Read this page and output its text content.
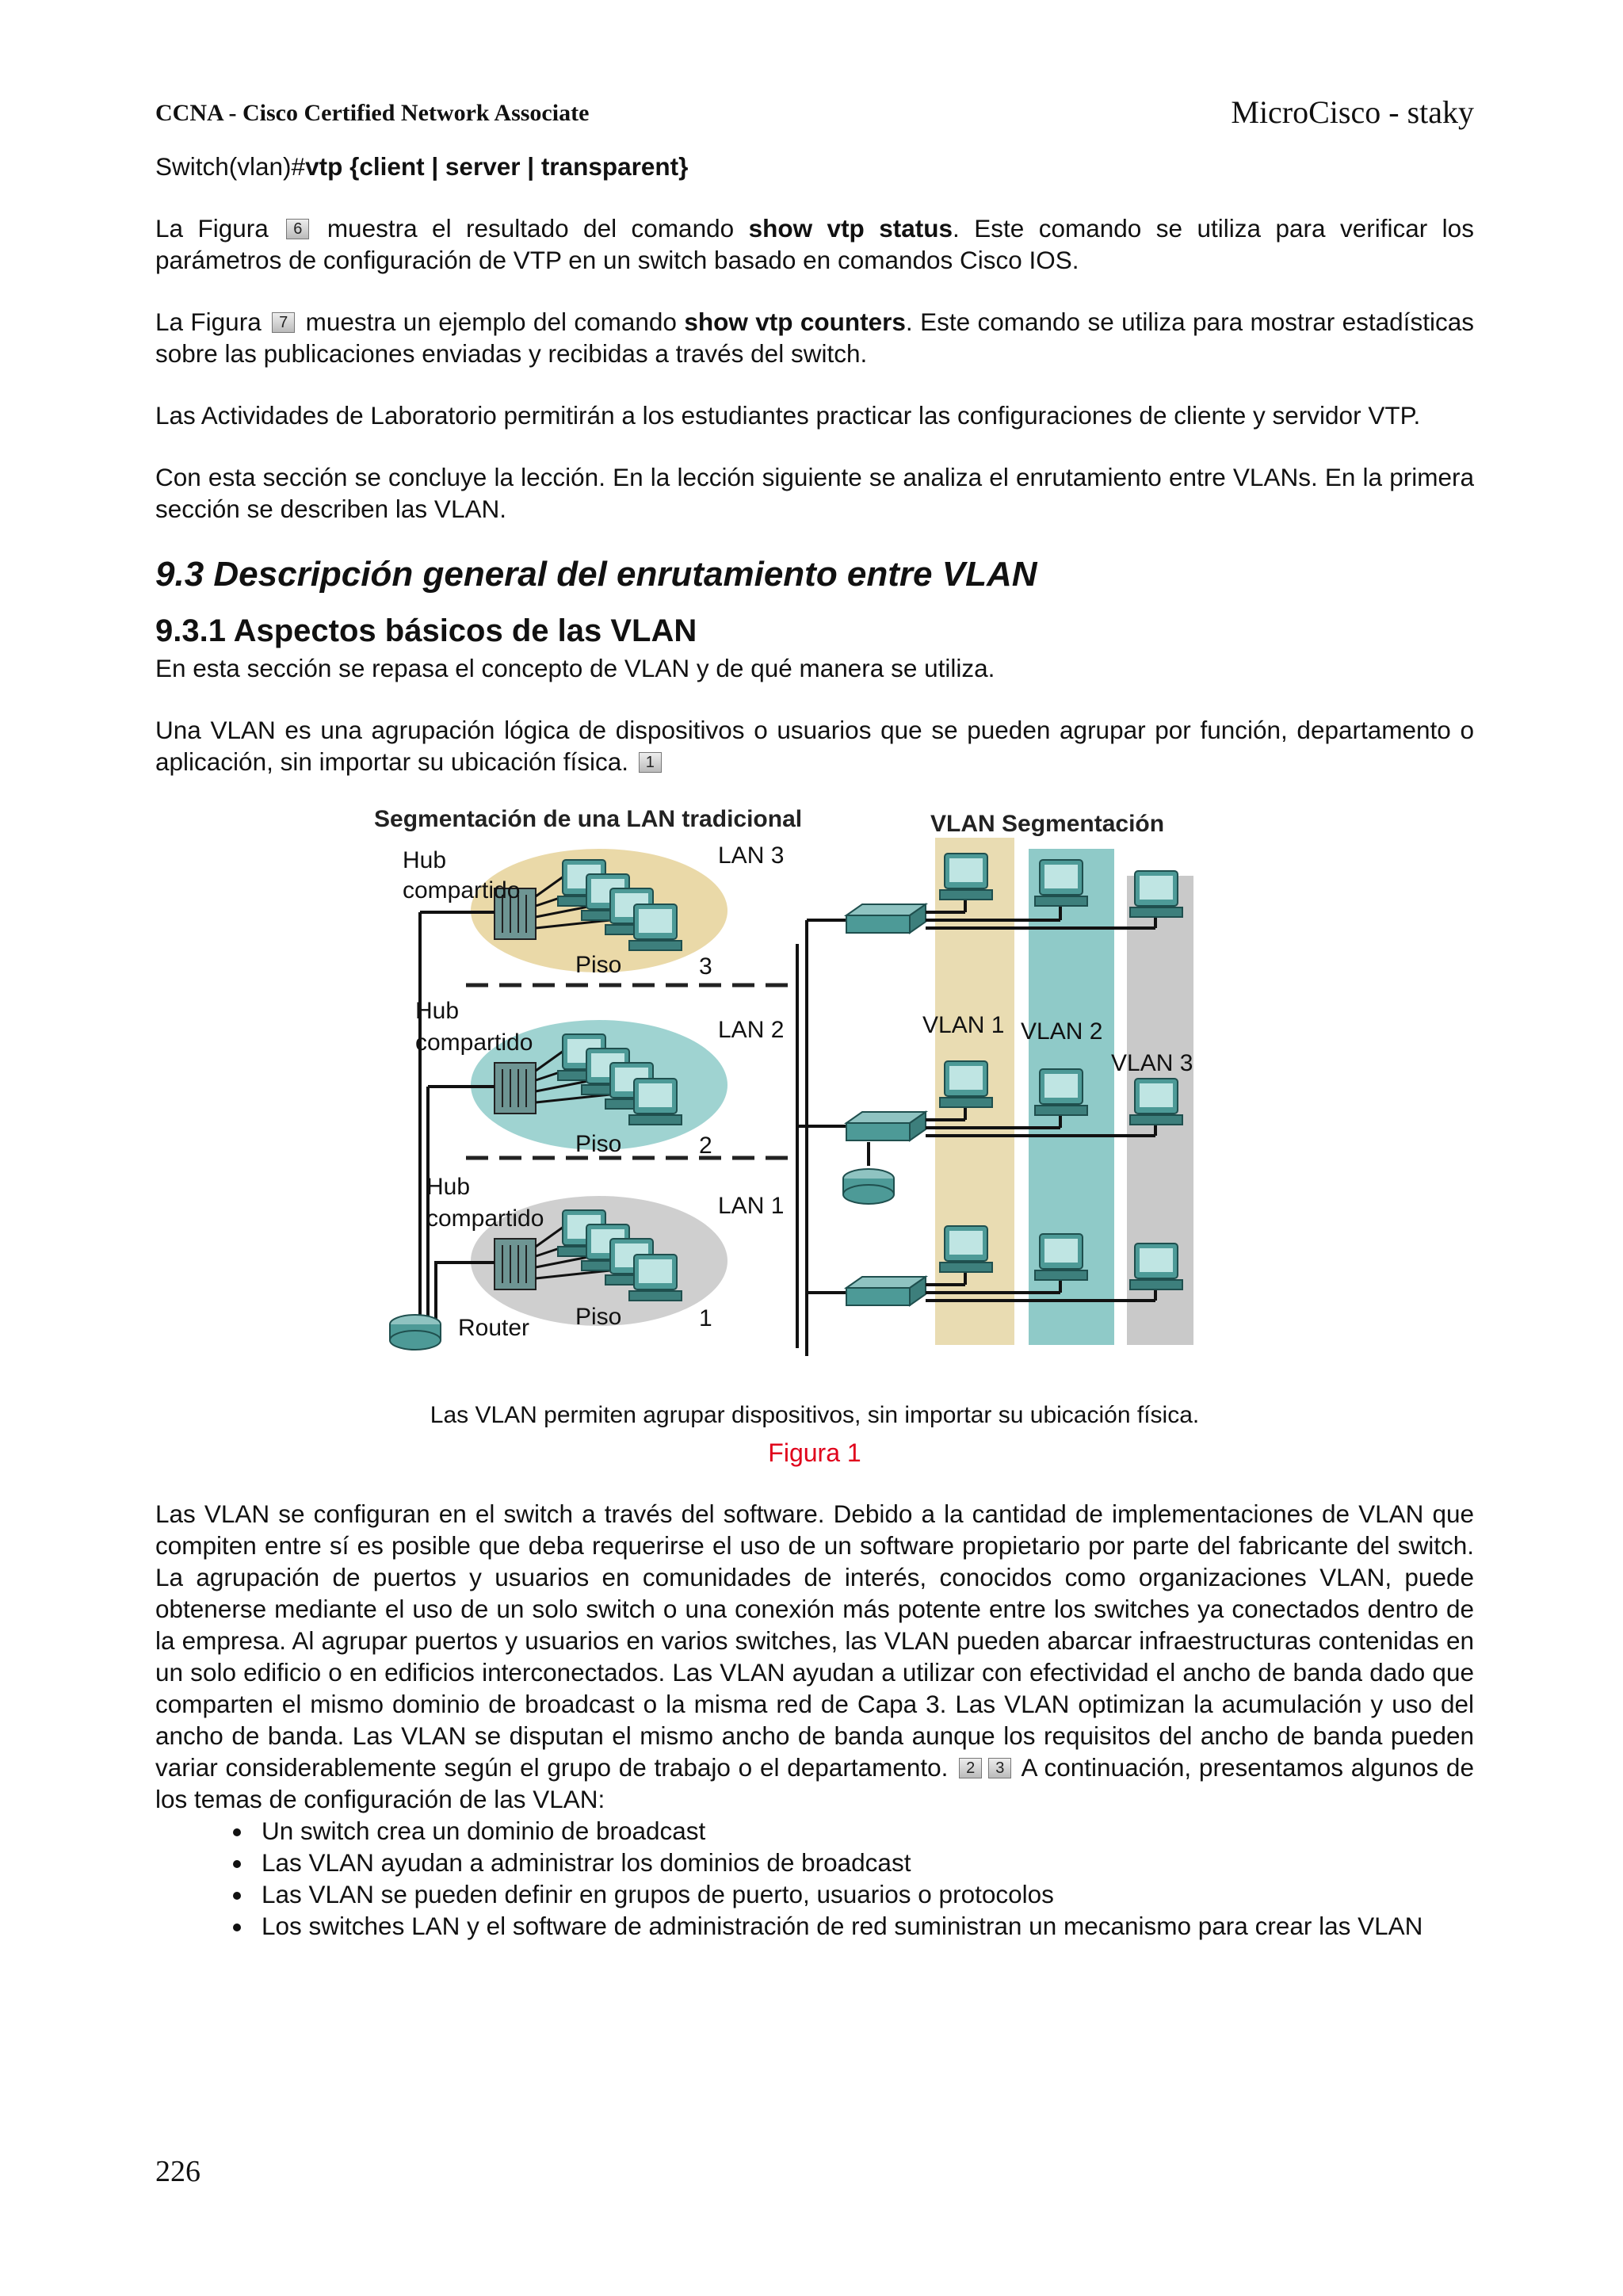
CCNA - Cisco Certified Network Associate	MicroCisco - staky

Switch(vlan)#vtp {client | server | transparent}

La Figura 6 muestra el resultado del comando show vtp status. Este comando se utiliza para verificar los parámetros de configuración de VTP en un switch basado en comandos Cisco IOS.

La Figura 7 muestra un ejemplo del comando show vtp counters. Este comando se utiliza para mostrar estadísticas sobre las publicaciones enviadas y recibidas a través del switch.

Las Actividades de Laboratorio permitirán a los estudiantes practicar las configuraciones de cliente y servidor VTP.

Con esta sección se concluye la lección. En la lección siguiente se analiza el enrutamiento entre VLANs. En la primera sección se describen las VLAN.

9.3 Descripción general del enrutamiento entre VLAN
9.3.1 Aspectos básicos de las VLAN

En esta sección se repasa el concepto de VLAN y de qué manera se utiliza.

Una VLAN es una agrupación lógica de dispositivos o usuarios que se pueden agrupar por función, departamento o aplicación, sin importar su ubicación física. 1

Segmentación de una LAN tradicional	VLAN Segmentación
Hub
compartido
LAN 3
Piso	3
Hub
compartido	LAN 2
Piso	2
Hub
compartido	LAN 1
Piso	1
Router
VLAN 1 VLAN 2
VLAN 3
Las VLAN permiten agrupar dispositivos, sin importar su ubicación física.
Figura 1

Las VLAN se configuran en el switch a través del software. Debido a la cantidad de implementaciones de VLAN que compiten entre sí es posible que deba requerirse el uso de un software propietario por parte del fabricante del switch. La agrupación de puertos y usuarios en comunidades de interés, conocidos como organizaciones VLAN, puede obtenerse mediante el uso de un solo switch o una conexión más potente entre los switches ya conectados dentro de la empresa. Al agrupar puertos y usuarios en varios switches, las VLAN pueden abarcar infraestructuras contenidas en un solo edificio o en edificios interconectados. Las VLAN ayudan a utilizar con efectividad el ancho de banda dado que comparten el mismo dominio de broadcast o la misma red de Capa 3. Las VLAN optimizan la acumulación y uso del ancho de banda. Las VLAN se disputan el mismo ancho de banda aunque los requisitos del ancho de banda pueden variar considerablemente según el grupo de trabajo o el departamento. 2 3 A continuación, presentamos algunos de los temas de configuración de las VLAN:

• Un switch crea un dominio de broadcast
• Las VLAN ayudan a administrar los dominios de broadcast
• Las VLAN se pueden definir en grupos de puerto, usuarios o protocolos
• Los switches LAN y el software de administración de red suministran un mecanismo para crear las VLAN
226
